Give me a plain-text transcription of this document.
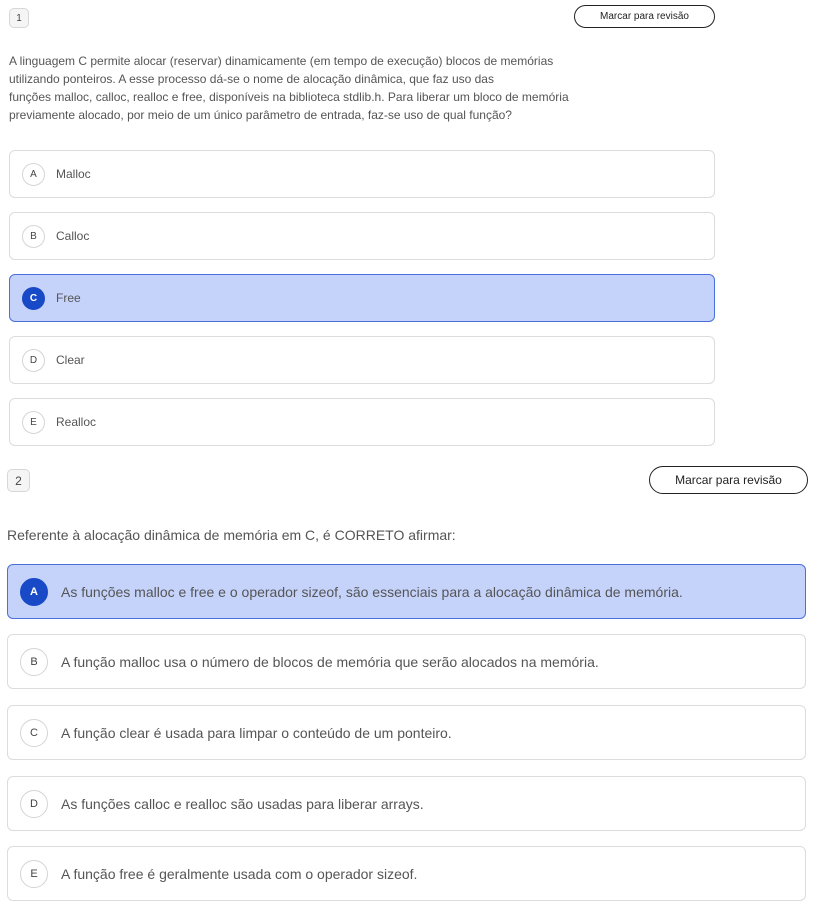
1	Marcar para revisão

A linguagem C permite alocar (reservar) dinamicamente (em tempo de execução) blocos de memórias
utilizando ponteiros. A esse processo dá-se o nome de alocação dinâmica, que faz uso das
funções malloc, calloc, realloc e free, disponíveis na biblioteca stdlib.h. Para liberar um bloco de memória
previamente alocado, por meio de um único parâmetro de entrada, faz-se uso de qual função?

A	Malloc
B	Calloc
C	Free
D	Clear
E	Realloc
2	Marcar para revisão

Referente à alocação dinâmica de memória em C, é CORRETO afirmar:

A	As funções malloc e free e o operador sizeof, são essenciais para a alocação dinâmica de memória.
B	A função malloc usa o número de blocos de memória que serão alocados na memória.
C	A função clear é usada para limpar o conteúdo de um ponteiro.
D	As funções calloc e realloc são usadas para liberar arrays.
E	A função free é geralmente usada com o operador sizeof.
